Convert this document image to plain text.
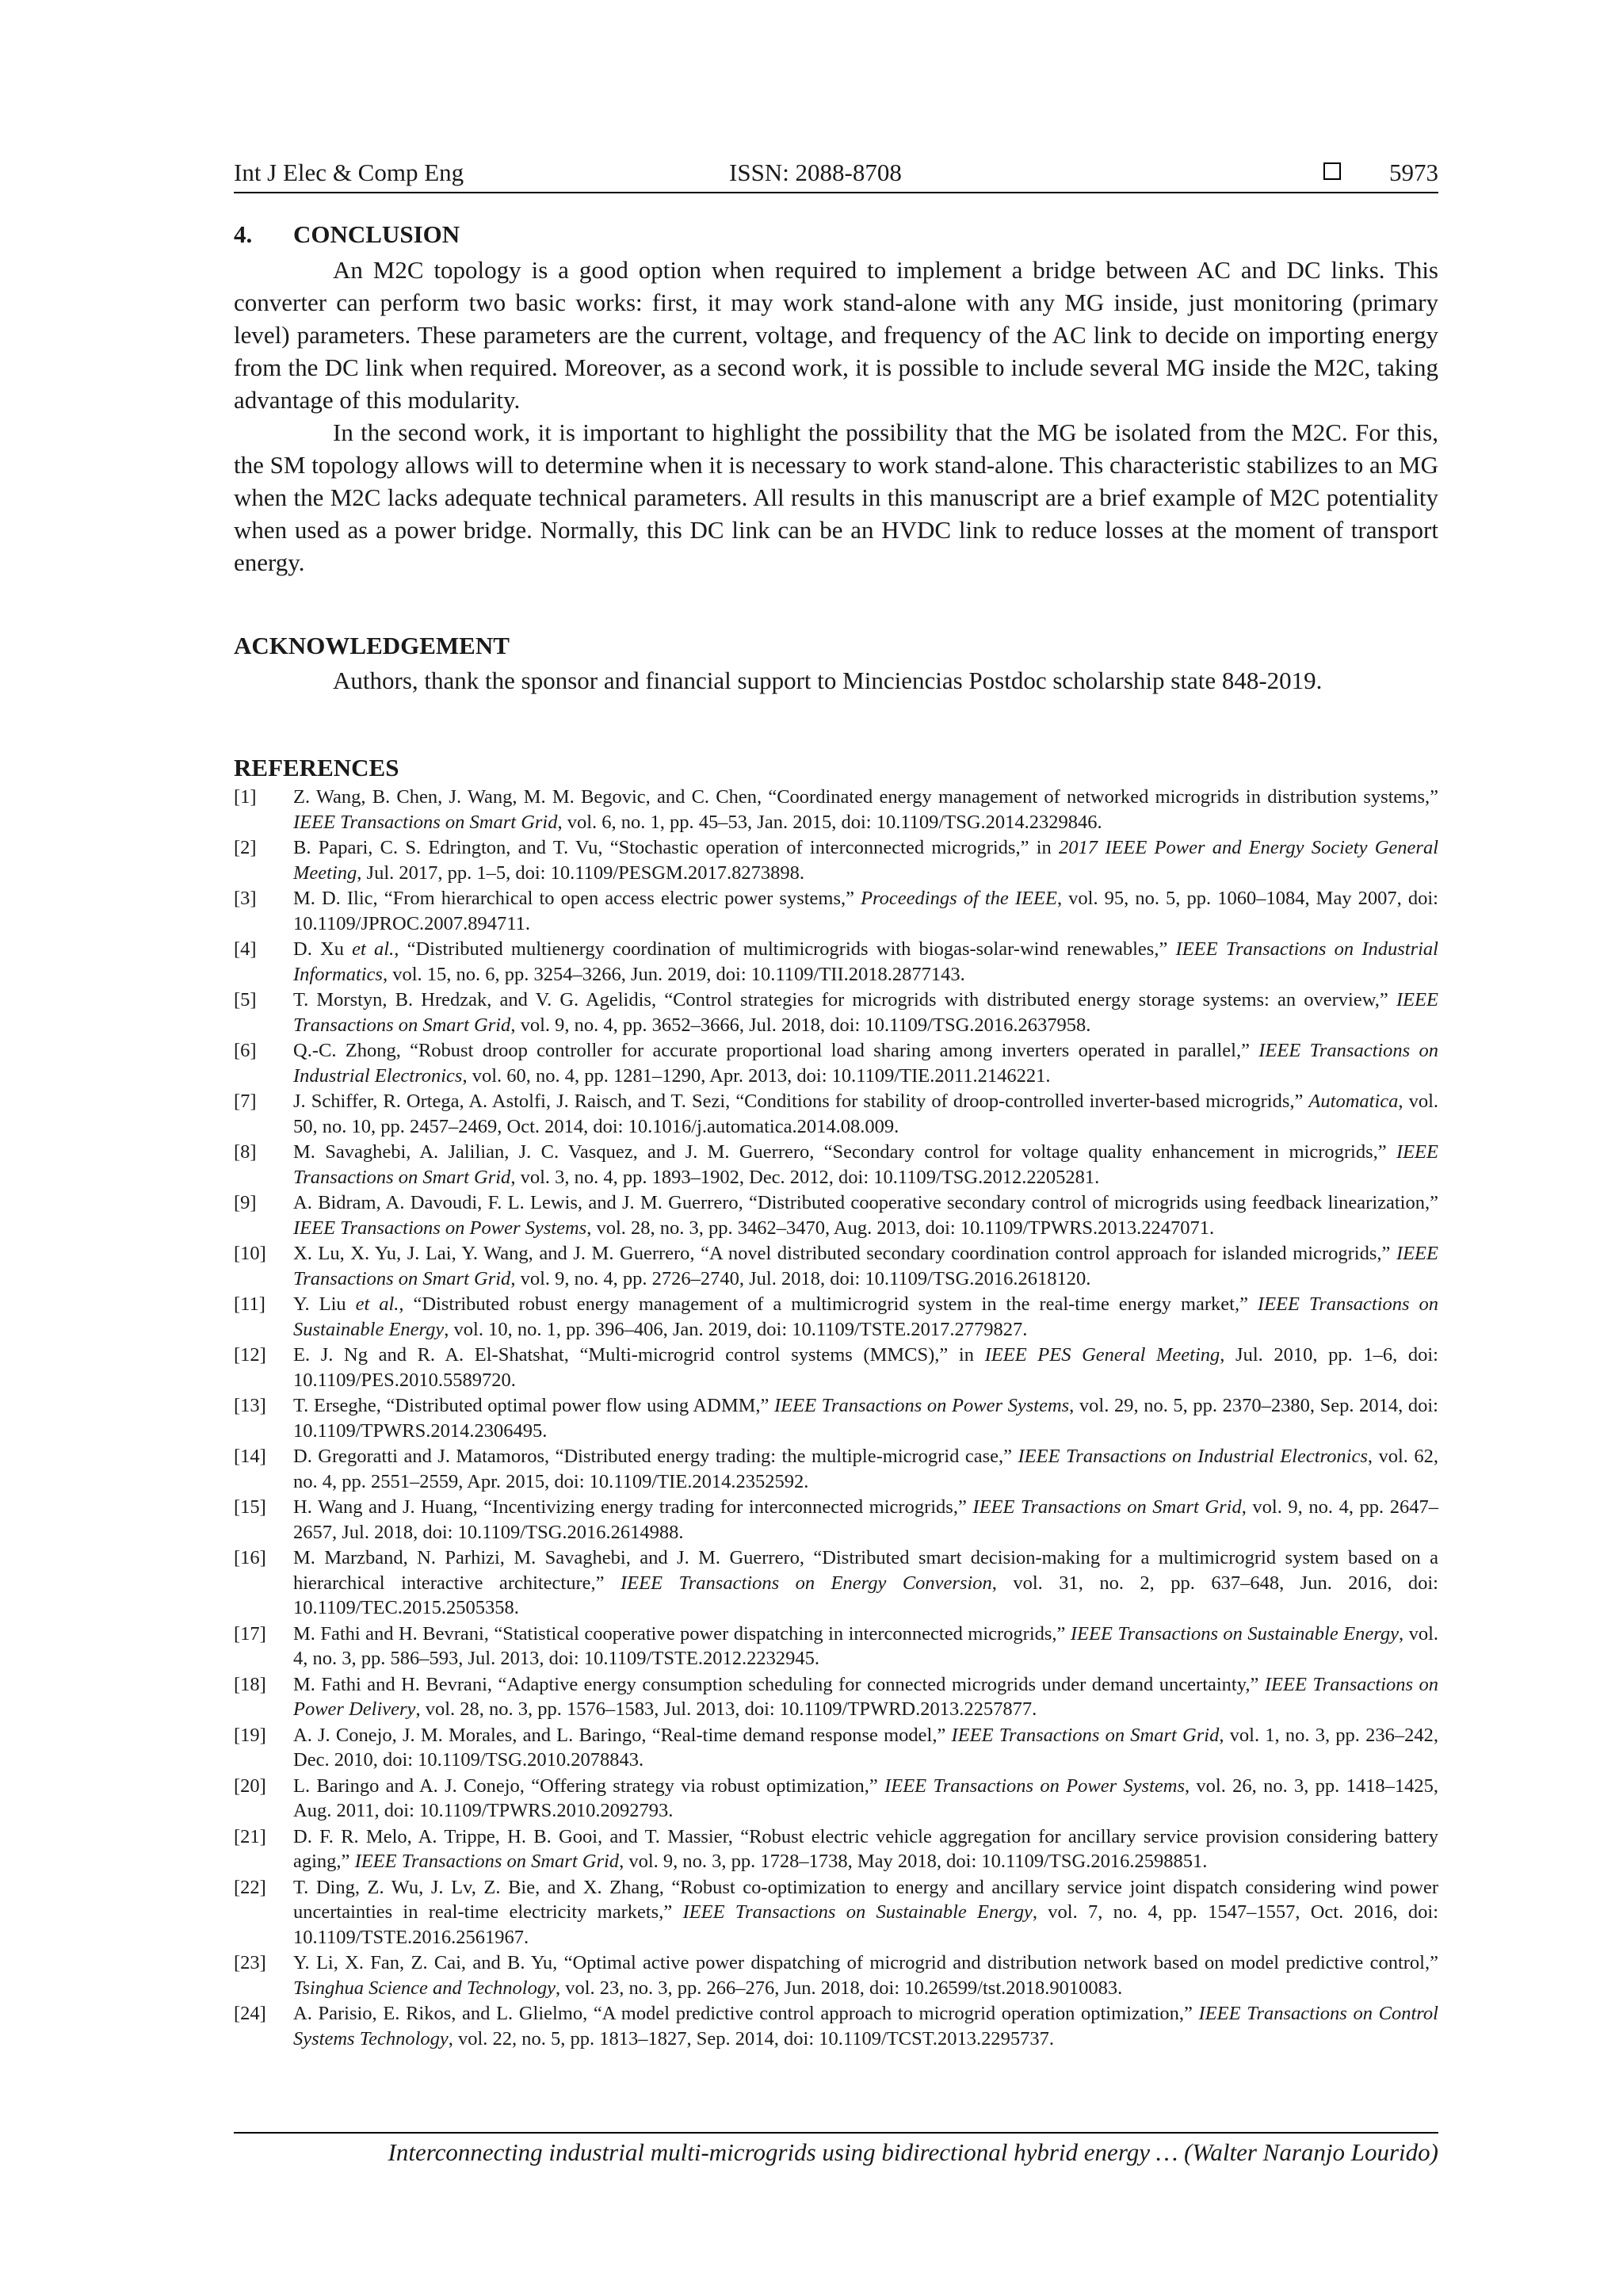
Int J Elec & Comp Eng	ISSN: 2088-8708	5973
4. CONCLUSION

An M2C topology is a good option when required to implement a bridge between AC and DC links. This converter can perform two basic works: first, it may work stand-alone with any MG inside, just monitoring (primary level) parameters. These parameters are the current, voltage, and frequency of the AC link to decide on importing energy from the DC link when required. Moreover, as a second work, it is possible to include several MG inside the M2C, taking advantage of this modularity.

In the second work, it is important to highlight the possibility that the MG be isolated from the M2C. For this, the SM topology allows will to determine when it is necessary to work stand-alone. This characteristic stabilizes to an MG when the M2C lacks adequate technical parameters. All results in this manuscript are a brief example of M2C potentiality when used as a power bridge. Normally, this DC link can be an HVDC link to reduce losses at the moment of transport energy.

ACKNOWLEDGEMENT

Authors, thank the sponsor and financial support to Minciencias Postdoc scholarship state 848-2019.

REFERENCES
[1] Z. Wang, B. Chen, J. Wang, M. M. Begovic, and C. Chen, “Coordinated energy management of networked microgrids in distribution systems,” IEEE Transactions on Smart Grid, vol. 6, no. 1, pp. 45–53, Jan. 2015, doi: 10.1109/TSG.2014.2329846.
[2] B. Papari, C. S. Edrington, and T. Vu, “Stochastic operation of interconnected microgrids,” in 2017 IEEE Power and Energy Society General Meeting, Jul. 2017, pp. 1–5, doi: 10.1109/PESGM.2017.8273898.
[3] M. D. Ilic, “From hierarchical to open access electric power systems,” Proceedings of the IEEE, vol. 95, no. 5, pp. 1060–1084, May 2007, doi: 10.1109/JPROC.2007.894711.
[4] D. Xu et al., “Distributed multienergy coordination of multimicrogrids with biogas-solar-wind renewables,” IEEE Transactions on Industrial Informatics, vol. 15, no. 6, pp. 3254–3266, Jun. 2019, doi: 10.1109/TII.2018.2877143.
[5] T. Morstyn, B. Hredzak, and V. G. Agelidis, “Control strategies for microgrids with distributed energy storage systems: an overview,” IEEE Transactions on Smart Grid, vol. 9, no. 4, pp. 3652–3666, Jul. 2018, doi: 10.1109/TSG.2016.2637958.
[6] Q.-C. Zhong, “Robust droop controller for accurate proportional load sharing among inverters operated in parallel,” IEEE Transactions on Industrial Electronics, vol. 60, no. 4, pp. 1281–1290, Apr. 2013, doi: 10.1109/TIE.2011.2146221.
[7] J. Schiffer, R. Ortega, A. Astolfi, J. Raisch, and T. Sezi, “Conditions for stability of droop-controlled inverter-based microgrids,” Automatica, vol. 50, no. 10, pp. 2457–2469, Oct. 2014, doi: 10.1016/j.automatica.2014.08.009.
[8] M. Savaghebi, A. Jalilian, J. C. Vasquez, and J. M. Guerrero, “Secondary control for voltage quality enhancement in microgrids,” IEEE Transactions on Smart Grid, vol. 3, no. 4, pp. 1893–1902, Dec. 2012, doi: 10.1109/TSG.2012.2205281.
[9] A. Bidram, A. Davoudi, F. L. Lewis, and J. M. Guerrero, “Distributed cooperative secondary control of microgrids using feedback linearization,” IEEE Transactions on Power Systems, vol. 28, no. 3, pp. 3462–3470, Aug. 2013, doi: 10.1109/TPWRS.2013.2247071.
[10] X. Lu, X. Yu, J. Lai, Y. Wang, and J. M. Guerrero, “A novel distributed secondary coordination control approach for islanded microgrids,” IEEE Transactions on Smart Grid, vol. 9, no. 4, pp. 2726–2740, Jul. 2018, doi: 10.1109/TSG.2016.2618120.
[11] Y. Liu et al., “Distributed robust energy management of a multimicrogrid system in the real-time energy market,” IEEE Transactions on Sustainable Energy, vol. 10, no. 1, pp. 396–406, Jan. 2019, doi: 10.1109/TSTE.2017.2779827.
[12] E. J. Ng and R. A. El-Shatshat, “Multi-microgrid control systems (MMCS),” in IEEE PES General Meeting, Jul. 2010, pp. 1–6, doi: 10.1109/PES.2010.5589720.
[13] T. Erseghe, “Distributed optimal power flow using ADMM,” IEEE Transactions on Power Systems, vol. 29, no. 5, pp. 2370–2380, Sep. 2014, doi: 10.1109/TPWRS.2014.2306495.
[14] D. Gregoratti and J. Matamoros, “Distributed energy trading: the multiple-microgrid case,” IEEE Transactions on Industrial Electronics, vol. 62, no. 4, pp. 2551–2559, Apr. 2015, doi: 10.1109/TIE.2014.2352592.
[15] H. Wang and J. Huang, “Incentivizing energy trading for interconnected microgrids,” IEEE Transactions on Smart Grid, vol. 9, no. 4, pp. 2647–2657, Jul. 2018, doi: 10.1109/TSG.2016.2614988.
[16] M. Marzband, N. Parhizi, M. Savaghebi, and J. M. Guerrero, “Distributed smart decision-making for a multimicrogrid system based on a hierarchical interactive architecture,” IEEE Transactions on Energy Conversion, vol. 31, no. 2, pp. 637–648, Jun. 2016, doi: 10.1109/TEC.2015.2505358.
[17] M. Fathi and H. Bevrani, “Statistical cooperative power dispatching in interconnected microgrids,” IEEE Transactions on Sustainable Energy, vol. 4, no. 3, pp. 586–593, Jul. 2013, doi: 10.1109/TSTE.2012.2232945.
[18] M. Fathi and H. Bevrani, “Adaptive energy consumption scheduling for connected microgrids under demand uncertainty,” IEEE Transactions on Power Delivery, vol. 28, no. 3, pp. 1576–1583, Jul. 2013, doi: 10.1109/TPWRD.2013.2257877.
[19] A. J. Conejo, J. M. Morales, and L. Baringo, “Real-time demand response model,” IEEE Transactions on Smart Grid, vol. 1, no. 3, pp. 236–242, Dec. 2010, doi: 10.1109/TSG.2010.2078843.
[20] L. Baringo and A. J. Conejo, “Offering strategy via robust optimization,” IEEE Transactions on Power Systems, vol. 26, no. 3, pp. 1418–1425, Aug. 2011, doi: 10.1109/TPWRS.2010.2092793.
[21] D. F. R. Melo, A. Trippe, H. B. Gooi, and T. Massier, “Robust electric vehicle aggregation for ancillary service provision considering battery aging,” IEEE Transactions on Smart Grid, vol. 9, no. 3, pp. 1728–1738, May 2018, doi: 10.1109/TSG.2016.2598851.
[22] T. Ding, Z. Wu, J. Lv, Z. Bie, and X. Zhang, “Robust co-optimization to energy and ancillary service joint dispatch considering wind power uncertainties in real-time electricity markets,” IEEE Transactions on Sustainable Energy, vol. 7, no. 4, pp. 1547–1557, Oct. 2016, doi: 10.1109/TSTE.2016.2561967.
[23] Y. Li, X. Fan, Z. Cai, and B. Yu, “Optimal active power dispatching of microgrid and distribution network based on model predictive control,” Tsinghua Science and Technology, vol. 23, no. 3, pp. 266–276, Jun. 2018, doi: 10.26599/tst.2018.9010083.
[24] A. Parisio, E. Rikos, and L. Glielmo, “A model predictive control approach to microgrid operation optimization,” IEEE Transactions on Control Systems Technology, vol. 22, no. 5, pp. 1813–1827, Sep. 2014, doi: 10.1109/TCST.2013.2295737.
Interconnecting industrial multi-microgrids using bidirectional hybrid energy … (Walter Naranjo Lourido)
